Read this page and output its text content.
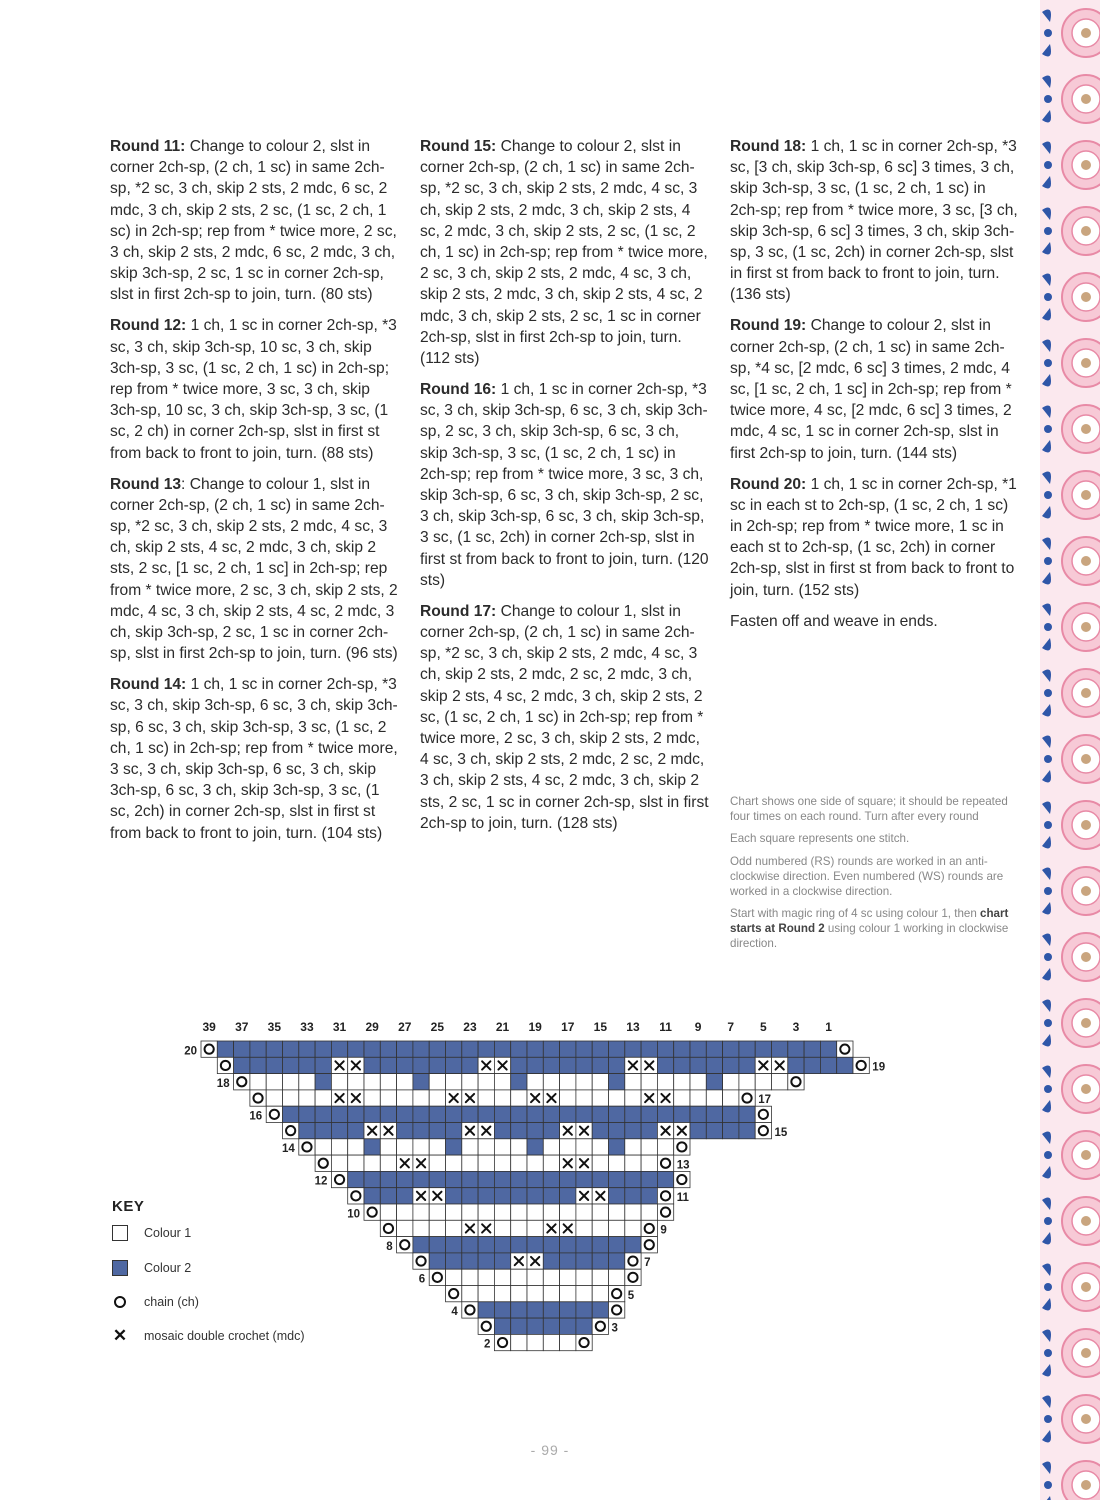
Round 11: Change to colour 2, slst in corner 2ch-sp, (2 ch, 1 sc) in same 2ch-sp, *2 sc, 3 ch, skip 2 sts, 2 mdc, 6 sc, 2 mdc, 3 ch, skip 2 sts, 2 sc, (1 sc, 2 ch, 1 sc) in 2ch-sp; rep from * twice more, 2 sc, 3 ch, skip 2 sts, 2 mdc, 6 sc, 2 mdc, 3 ch, skip 3ch-sp, 2 sc, 1 sc in corner 2ch-sp, slst in first 2ch-sp to join, turn. (80 sts)

Round 12: 1 ch, 1 sc in corner 2ch-sp, *3 sc, 3 ch, skip 3ch-sp, 10 sc, 3 ch, skip 3ch-sp, 3 sc, (1 sc, 2 ch, 1 sc) in 2ch-sp; rep from * twice more, 3 sc, 3 ch, skip 3ch-sp, 10 sc, 3 ch, skip 3ch-sp, 3 sc, (1 sc, 2 ch) in corner 2ch-sp, slst in first st from back to front to join, turn. (88 sts)

Round 13: Change to colour 1, slst in corner 2ch-sp, (2 ch, 1 sc) in same 2ch-sp, *2 sc, 3 ch, skip 2 sts, 2 mdc, 4 sc, 3 ch, skip 2 sts, 4 sc, 2 mdc, 3 ch, skip 2 sts, 2 sc, [1 sc, 2 ch, 1 sc] in 2ch-sp; rep from * twice more, 2 sc, 3 ch, skip 2 sts, 2 mdc, 4 sc, 3 ch, skip 2 sts, 4 sc, 2 mdc, 3 ch, skip 3ch-sp, 2 sc, 1 sc in corner 2ch-sp, slst in first 2ch-sp to join, turn. (96 sts)

Round 14: 1 ch, 1 sc in corner 2ch-sp, *3 sc, 3 ch, skip 3ch-sp, 6 sc, 3 ch, skip 3ch-sp, 6 sc, 3 ch, skip 3ch-sp, 3 sc, (1 sc, 2 ch, 1 sc) in 2ch-sp; rep from * twice more, 3 sc, 3 ch, skip 3ch-sp, 6 sc, 3 ch, skip 3ch-sp, 6 sc, 3 ch, skip 3ch-sp, 3 sc, (1 sc, 2ch) in corner 2ch-sp, slst in first st from back to front to join, turn. (104 sts)

Round 15: Change to colour 2, slst in corner 2ch-sp, (2 ch, 1 sc) in same 2ch-sp, *2 sc, 3 ch, skip 2 sts, 2 mdc, 4 sc, 3 ch, skip 2 sts, 2 mdc, 3 ch, skip 2 sts, 4 sc, 2 mdc, 3 ch, skip 2 sts, 2 sc, (1 sc, 2 ch, 1 sc) in 2ch-sp; rep from * twice more, 2 sc, 3 ch, skip 2 sts, 2 mdc, 4 sc, 3 ch, skip 2 sts, 2 mdc, 3 ch, skip 2 sts, 4 sc, 2 mdc, 3 ch, skip 2 sts, 2 sc, 1 sc in corner 2ch-sp, slst in first 2ch-sp to join, turn. (112 sts)

Round 16: 1 ch, 1 sc in corner 2ch-sp, *3 sc, 3 ch, skip 3ch-sp, 6 sc, 3 ch, skip 3ch-sp, 2 sc, 3 ch, skip 3ch-sp, 6 sc, 3 ch, skip 3ch-sp, 3 sc, (1 sc, 2 ch, 1 sc) in 2ch-sp; rep from * twice more, 3 sc, 3 ch, skip 3ch-sp, 6 sc, 3 ch, skip 3ch-sp, 2 sc, 3 ch, skip 3ch-sp, 6 sc, 3 ch, skip 3ch-sp, 3 sc, (1 sc, 2ch) in corner 2ch-sp, slst in first st from back to front to join, turn. (120 sts)

Round 17: Change to colour 1, slst in corner 2ch-sp, (2 ch, 1 sc) in same 2ch-sp, *2 sc, 3 ch, skip 2 sts, 2 mdc, 4 sc, 3 ch, skip 2 sts, 2 mdc, 2 sc, 2 mdc, 3 ch, skip 2 sts, 4 sc, 2 mdc, 3 ch, skip 2 sts, 2 sc, (1 sc, 2 ch, 1 sc) in 2ch-sp; rep from * twice more, 2 sc, 3 ch, skip 2 sts, 2 mdc, 4 sc, 3 ch, skip 2 sts, 2 mdc, 2 sc, 2 mdc, 3 ch, skip 2 sts, 4 sc, 2 mdc, 3 ch, skip 2 sts, 2 sc, 1 sc in corner 2ch-sp, slst in first 2ch-sp to join, turn. (128 sts)

Round 18: 1 ch, 1 sc in corner 2ch-sp, *3 sc, [3 ch, skip 3ch-sp, 6 sc] 3 times, 3 ch, skip 3ch-sp, 3 sc, (1 sc, 2 ch, 1 sc) in 2ch-sp; rep from * twice more, 3 sc, [3 ch, skip 3ch-sp, 6 sc] 3 times, 3 ch, skip 3ch-sp, 3 sc, (1 sc, 2ch) in corner 2ch-sp, slst in first st from back to front to join, turn. (136 sts)

Round 19: Change to colour 2, slst in corner 2ch-sp, (2 ch, 1 sc) in same 2ch-sp, *4 sc, [2 mdc, 6 sc] 3 times, 2 mdc, 4 sc, [1 sc, 2 ch, 1 sc] in 2ch-sp; rep from * twice more, 4 sc, [2 mdc, 6 sc] 3 times, 2 mdc, 4 sc, 1 sc in corner 2ch-sp, slst in first 2ch-sp to join, turn. (144 sts)

Round 20: 1 ch, 1 sc in corner 2ch-sp, *1 sc in each st to 2ch-sp, (1 sc, 2 ch, 1 sc) in 2ch-sp; rep from * twice more, 1 sc in each st to 2ch-sp, (1 sc, 2ch) in corner 2ch-sp, slst in first st from back to front to join, turn. (152 sts)

Fasten off and weave in ends.

Chart shows one side of square; it should be repeated four times on each round. Turn after every round

Each square represents one stitch.

Odd numbered (RS) rounds are worked in an anti-clockwise direction. Even numbered (WS) rounds are worked in a clockwise direction.

Start with magic ring of 4 sc using colour 1, then chart starts at Round 2 using colour 1 working in clockwise direction.

39 37 35 33 31 29 27 25 23 21 19 17 15 13 11 9 7 5 3 1
20
19
18
17
16
15
14
13
12
11
10
9
8
7
6
5
4
3
2
KEY
Colour 1
Colour 2
chain (ch)
✕ mosaic double crochet (mdc)
- 99 -
